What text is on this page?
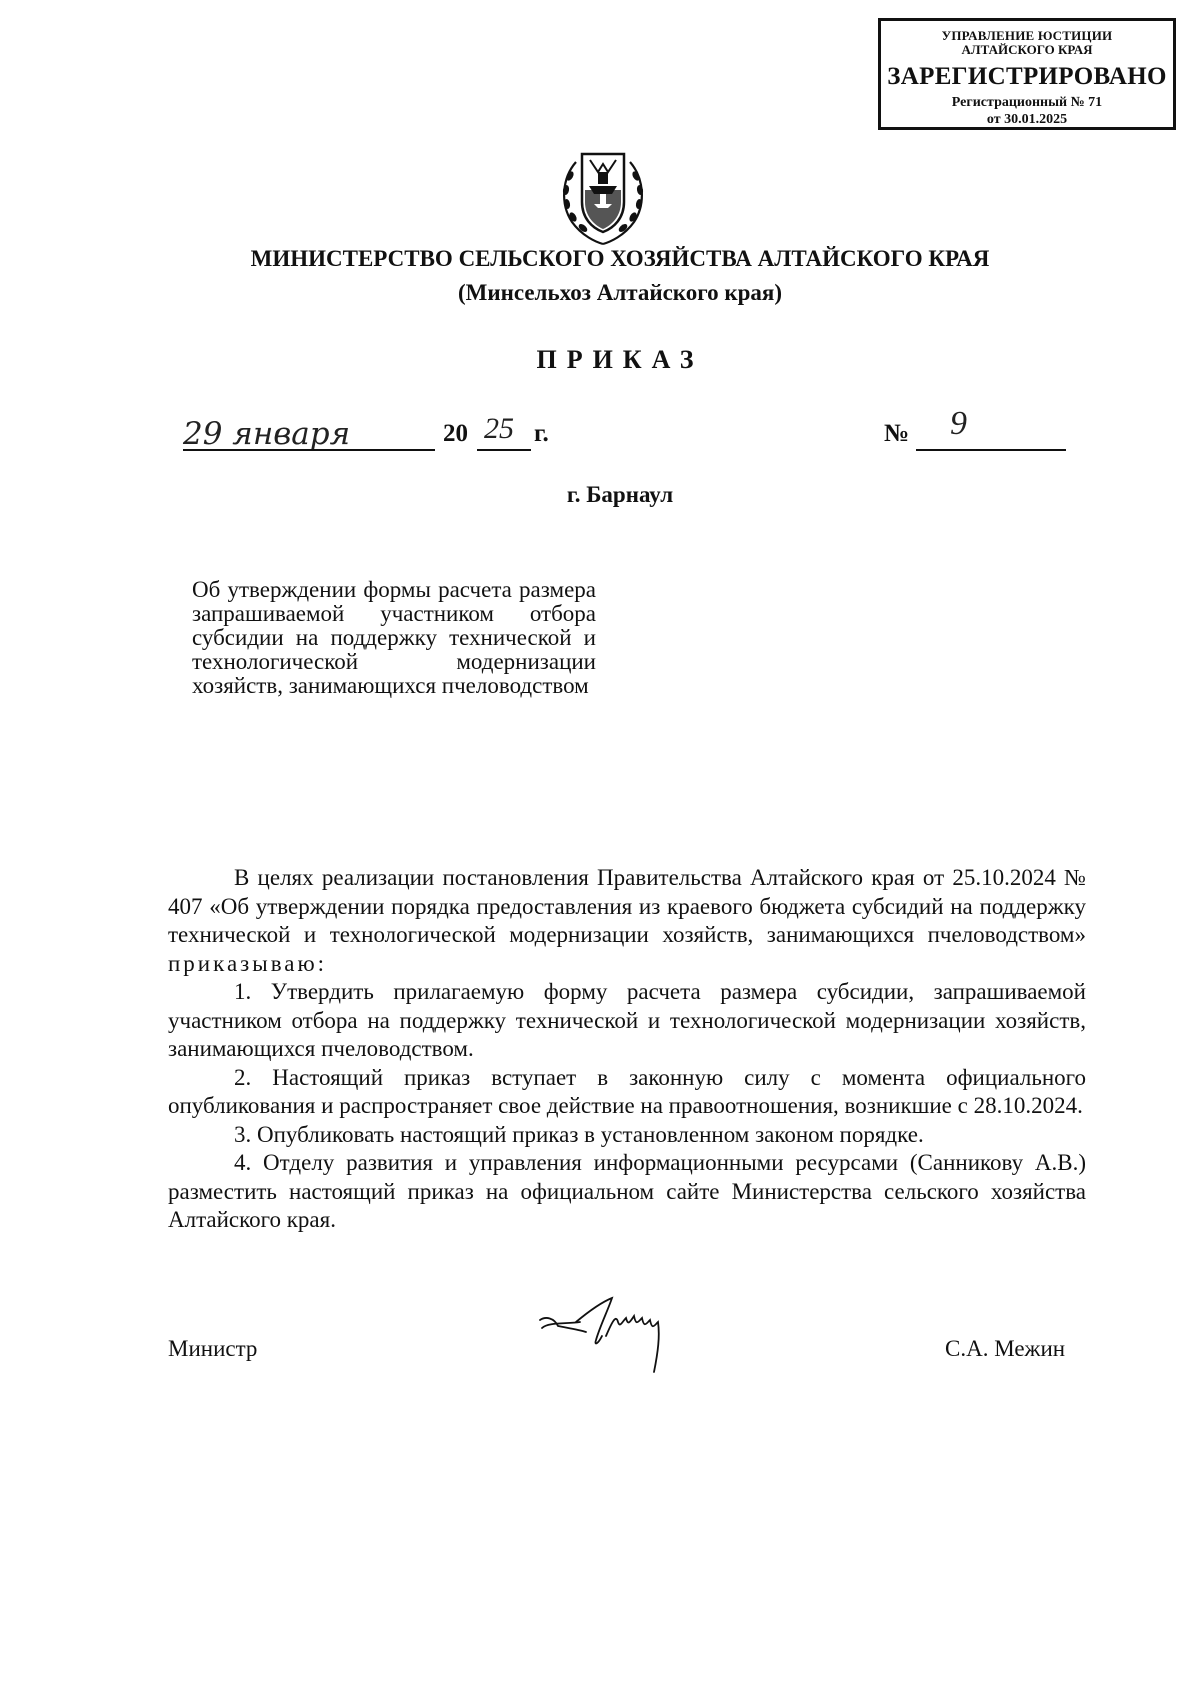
УПРАВЛЕНИЕ ЮСТИЦИИ
АЛТАЙСКОГО КРАЯ
ЗАРЕГИСТРИРОВАНО
Регистрационный № 71
от 30.01.2025
МИНИСТЕРСТВО СЕЛЬСКОГО ХОЗЯЙСТВА АЛТАЙСКОГО КРАЯ
(Минсельхоз Алтайского края)
ПРИКАЗ
29 января	20 25 г.	№ 9
г. Барнаул
Об утверждении формы расчета размера запрашиваемой участником отбора субсидии на поддержку технической и технологической модернизации хозяйств, занимающихся пчеловодством

В целях реализации постановления Правительства Алтайского края от 25.10.2024 № 407 «Об утверждении порядка предоставления из краевого бюджета субсидий на поддержку технической и технологической модернизации хозяйств, занимающихся пчеловодством» приказываю:

1. Утвердить прилагаемую форму расчета размера субсидии, запрашиваемой участником отбора на поддержку технической и технологической модернизации хозяйств, занимающихся пчеловодством.

2. Настоящий приказ вступает в законную силу с момента официального опубликования и распространяет свое действие на правоотношения, возникшие с 28.10.2024.

3. Опубликовать настоящий приказ в установленном законом порядке.

4. Отделу развития и управления информационными ресурсами (Санникову А.В.) разместить настоящий приказ на официальном сайте Министерства сельского хозяйства Алтайского края.

Министр	С.А. Межин
